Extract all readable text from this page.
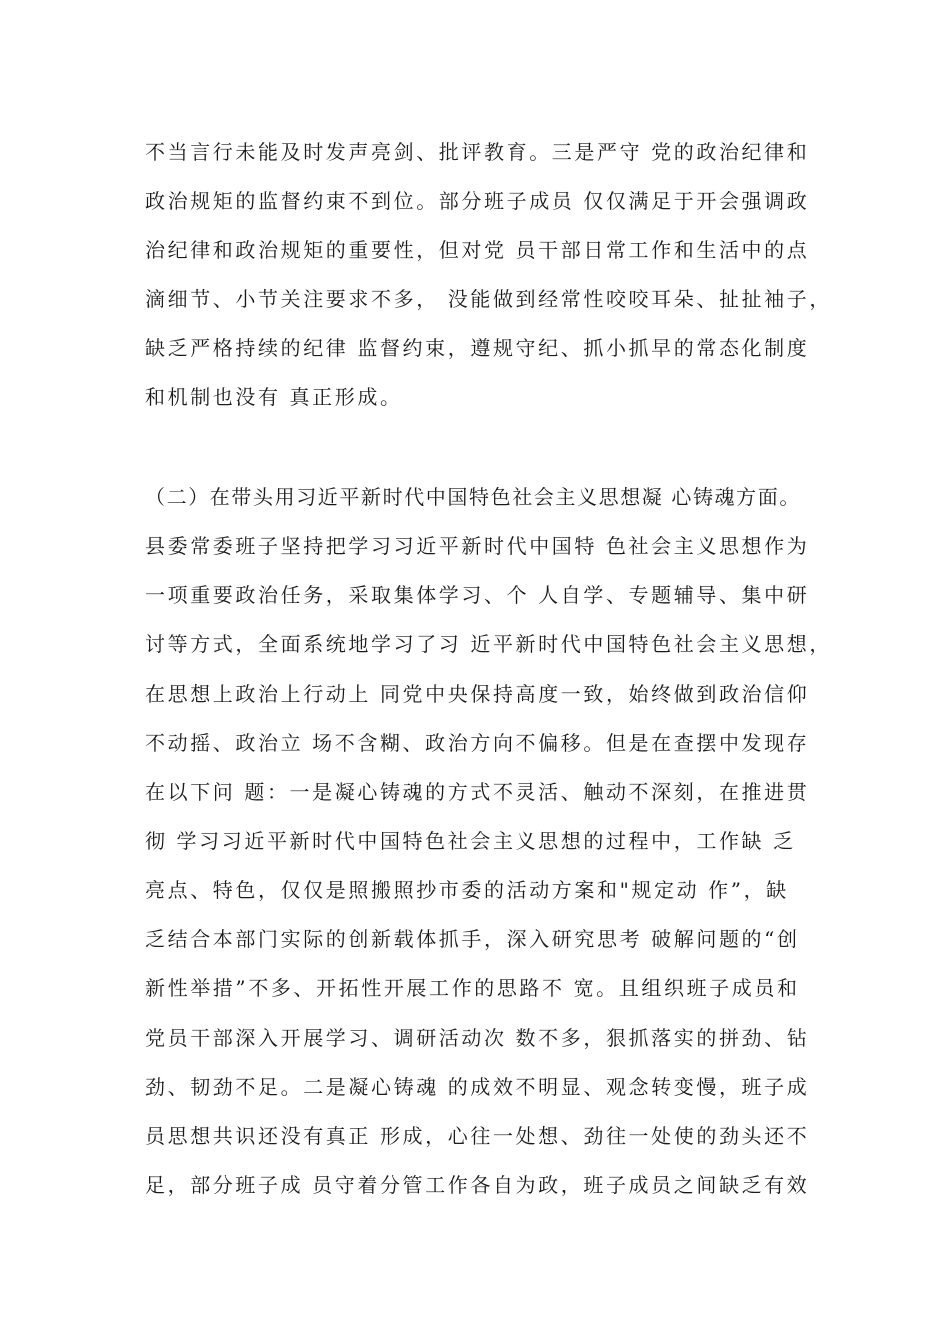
不当言行未能及时发声亮剑、批评教育。三是严守 党的政治纪律和
政治规矩的监督约束不到位。部分班子成员 仅仅满足于开会强调政
治纪律和政治规矩的重要性，但对党 员干部日常工作和生活中的点
滴细节、小节关注要求不多， 没能做到经常性咬咬耳朵、扯扯袖子，
缺乏严格持续的纪律 监督约束，遵规守纪、抓小抓早的常态化制度
和机制也没有 真正形成。
（二）在带头用习近平新时代中国特色社会主义思想凝 心铸魂方面。
县委常委班子坚持把学习习近平新时代中国特 色社会主义思想作为
一项重要政治任务，采取集体学习、个 人自学、专题辅导、集中研
讨等方式，全面系统地学习了习 近平新时代中国特色社会主义思想，
在思想上政治上行动上 同党中央保持高度一致，始终做到政治信仰
不动摇、政治立 场不含糊、政治方向不偏移。但是在查摆中发现存
在以下问 题：一是凝心铸魂的方式不灵活、触动不深刻，在推进贯
彻 学习习近平新时代中国特色社会主义思想的过程中，工作缺 乏
亮点、特色，仅仅是照搬照抄市委的活动方案和"规定动 作”，缺
乏结合本部门实际的创新载体抓手，深入研究思考 破解问题的“创
新性举措”不多、开拓性开展工作的思路不 宽。且组织班子成员和
党员干部深入开展学习、调研活动次 数不多，狠抓落实的拼劲、钻
劲、韧劲不足。二是凝心铸魂 的成效不明显、观念转变慢，班子成
员思想共识还没有真正 形成，心往一处想、劲往一处使的劲头还不
足，部分班子成 员守着分管工作各自为政，班子成员之间缺乏有效
